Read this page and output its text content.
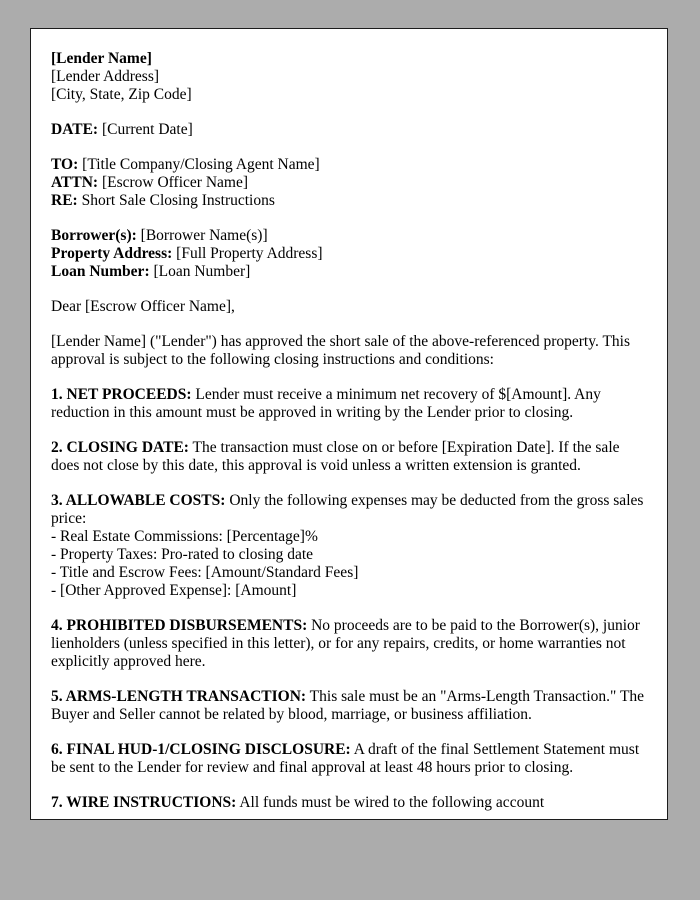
[Lender Name]
[Lender Address]
[City, State, Zip Code]
DATE: [Current Date]
TO: [Title Company/Closing Agent Name]
ATTN: [Escrow Officer Name]
RE: Short Sale Closing Instructions
Borrower(s): [Borrower Name(s)]
Property Address: [Full Property Address]
Loan Number: [Loan Number]
Dear [Escrow Officer Name],
[Lender Name] ("Lender") has approved the short sale of the above-referenced property. This approval is subject to the following closing instructions and conditions:
1. NET PROCEEDS: Lender must receive a minimum net recovery of $[Amount]. Any reduction in this amount must be approved in writing by the Lender prior to closing.
2. CLOSING DATE: The transaction must close on or before [Expiration Date]. If the sale does not close by this date, this approval is void unless a written extension is granted.
3. ALLOWABLE COSTS: Only the following expenses may be deducted from the gross sales price:
- Real Estate Commissions: [Percentage]%
- Property Taxes: Pro-rated to closing date
- Title and Escrow Fees: [Amount/Standard Fees]
- [Other Approved Expense]: [Amount]
4. PROHIBITED DISBURSEMENTS: No proceeds are to be paid to the Borrower(s), junior lienholders (unless specified in this letter), or for any repairs, credits, or home warranties not explicitly approved here.
5. ARMS-LENGTH TRANSACTION: This sale must be an "Arms-Length Transaction." The Buyer and Seller cannot be related by blood, marriage, or business affiliation.
6. FINAL HUD-1/CLOSING DISCLOSURE: A draft of the final Settlement Statement must be sent to the Lender for review and final approval at least 48 hours prior to closing.
7. WIRE INSTRUCTIONS: All funds must be wired to the following account
